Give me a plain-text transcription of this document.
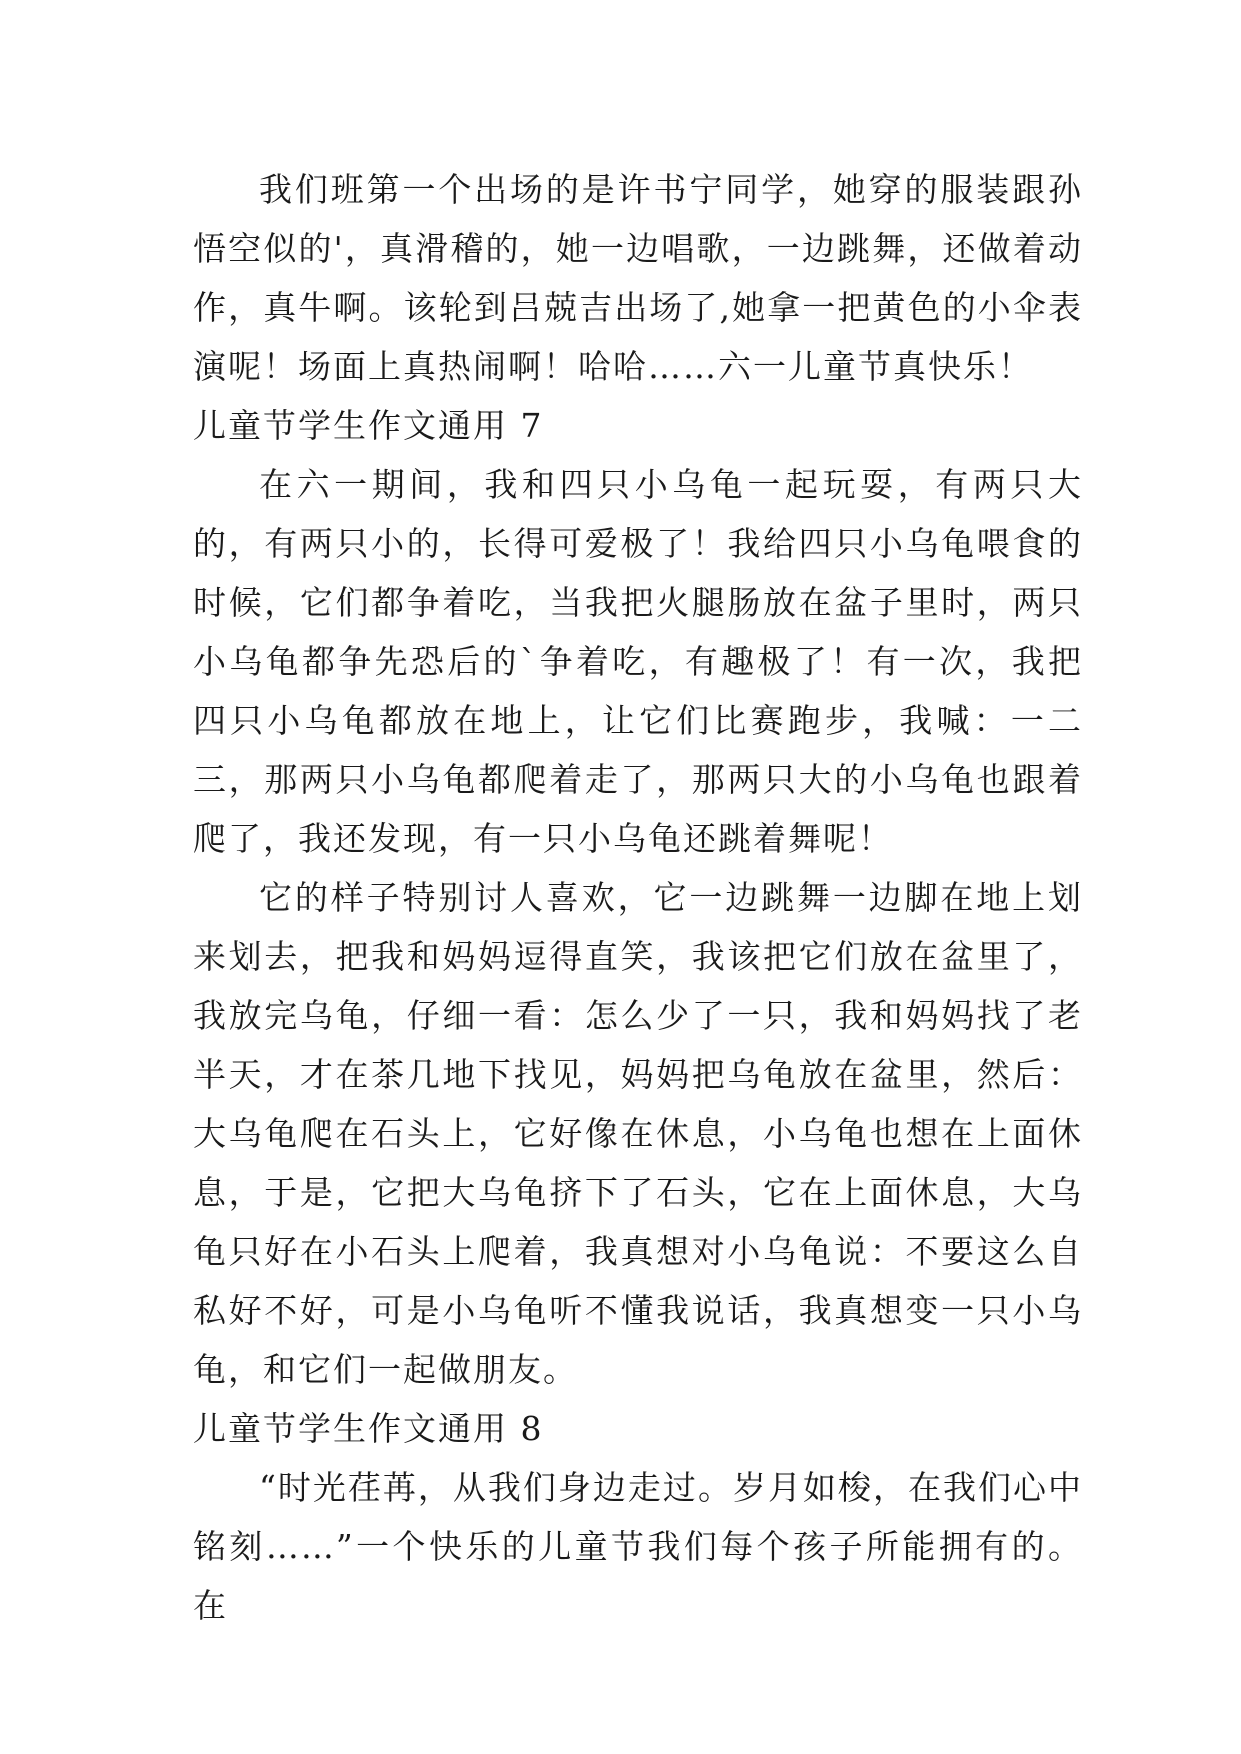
我们班第一个出场的是许书宁同学，她穿的服装跟孙悟空似的'，真滑稽的，她一边唱歌，一边跳舞，还做着动作，真牛啊。该轮到吕兢吉出场了,她拿一把黄色的小伞表演呢！场面上真热闹啊！哈哈……六一儿童节真快乐！

儿童节学生作文通用 7

在六一期间，我和四只小乌龟一起玩耍，有两只大的，有两只小的，长得可爱极了！我给四只小乌龟喂食的时候，它们都争着吃，当我把火腿肠放在盆子里时，两只小乌龟都争先恐后的`争着吃，有趣极了！有一次，我把四只小乌龟都放在地上，让它们比赛跑步，我喊：一二三，那两只小乌龟都爬着走了，那两只大的小乌龟也跟着爬了，我还发现，有一只小乌龟还跳着舞呢！

它的样子特别讨人喜欢，它一边跳舞一边脚在地上划来划去，把我和妈妈逗得直笑，我该把它们放在盆里了，我放完乌龟，仔细一看：怎么少了一只，我和妈妈找了老半天，才在茶几地下找见，妈妈把乌龟放在盆里，然后：大乌龟爬在石头上，它好像在休息，小乌龟也想在上面休息，于是，它把大乌龟挤下了石头，它在上面休息，大乌龟只好在小石头上爬着，我真想对小乌龟说：不要这么自私好不好，可是小乌龟听不懂我说话，我真想变一只小乌龟，和它们一起做朋友。

儿童节学生作文通用 8

“时光荏苒，从我们身边走过。岁月如梭，在我们心中铭刻……”一个快乐的儿童节我们每个孩子所能拥有的。在
